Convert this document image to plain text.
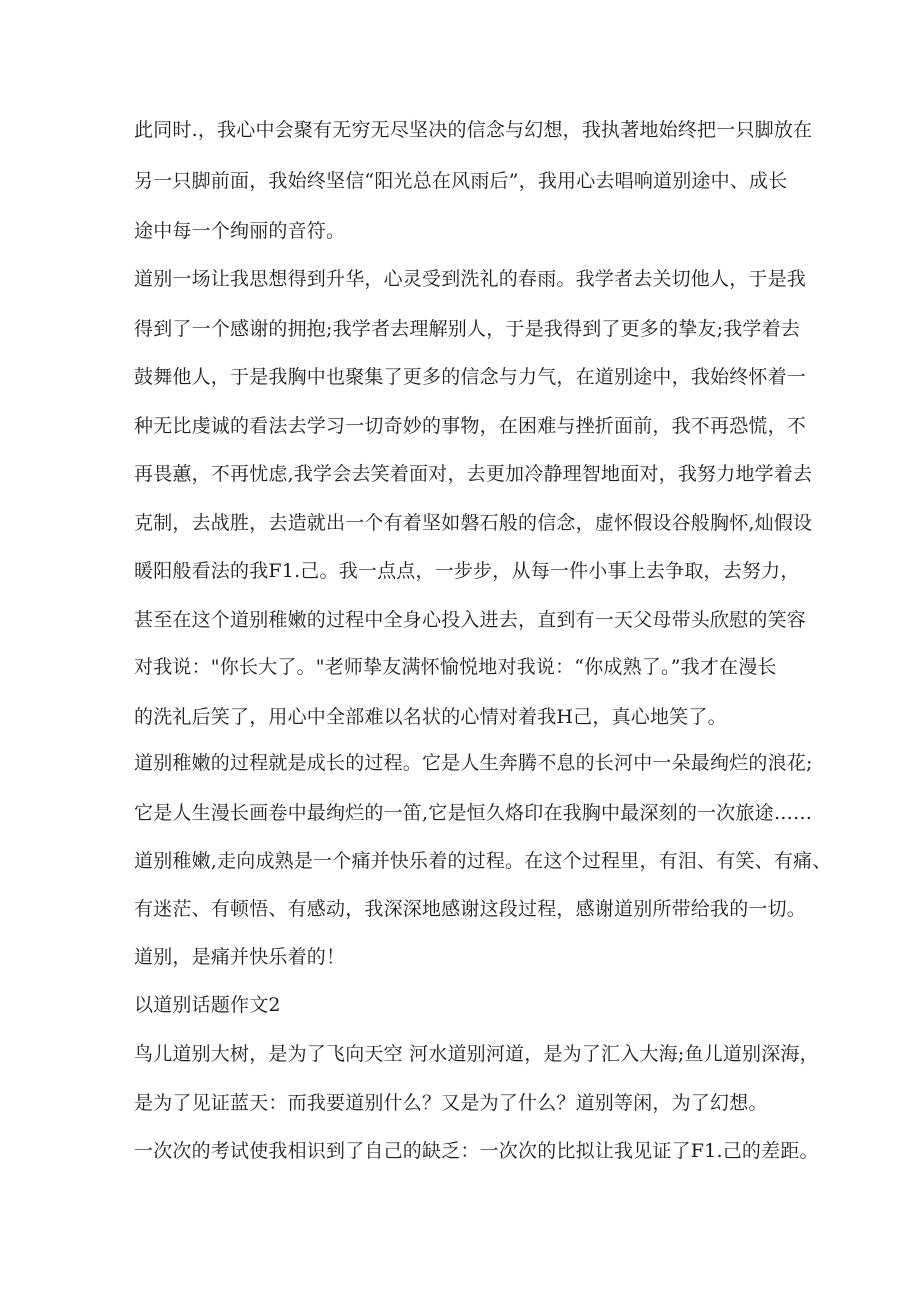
此同时.，我心中会聚有无穷无尽坚决的信念与幻想，我执著地始终把一只脚放在
另一只脚前面，我始终坚信“阳光总在风雨后”，我用心去唱响道别途中、成长
途中每一个绚丽的音符。
道别一场让我思想得到升华，心灵受到洗礼的春雨。我学者去关切他人，于是我
得到了一个感谢的拥抱;我学者去理解别人，于是我得到了更多的挚友;我学着去
鼓舞他人，于是我胸中也聚集了更多的信念与力气，在道别途中，我始终怀着一
种无比虔诚的看法去学习一切奇妙的事物，在困难与挫折面前，我不再恐慌，不
再畏蕙，不再忧虑,我学会去笑着面对，去更加冷静理智地面对，我努力地学着去
克制，去战胜，去造就出一个有着坚如磐石般的信念，虚怀假设谷般胸怀,灿假设
暖阳般看法的我F1.己。我一点点，一步步，从每一件小事上去争取，去努力，
甚至在这个道别稚嫩的过程中全身心投入进去，直到有一天父母带头欣慰的笑容
对我说："你长大了。"老师挚友满怀愉悦地对我说：“你成熟了。”我才在漫长
的洗礼后笑了，用心中全部难以名状的心情对着我H己，真心地笑了。
道别稚嫩的过程就是成长的过程。它是人生奔腾不息的长河中一朵最绚烂的浪花;
它是人生漫长画卷中最绚烂的一笛,它是恒久烙印在我胸中最深刻的一次旅途……
道别稚嫩,走向成熟是一个痛并快乐着的过程。在这个过程里，有泪、有笑、有痛、
有迷茫、有顿悟、有感动，我深深地感谢这段过程，感谢道别所带给我的一切。
道别，是痛并快乐着的！
以道别话题作文2
鸟儿道别大树，是为了飞向天空 河水道别河道，是为了汇入大海;鱼儿道别深海，
是为了见证蓝天：而我要道别什么？又是为了什么？道别等闲，为了幻想。
一次次的考试使我相识到了自己的缺乏：一次次的比拟让我见证了F1.己的差距。
